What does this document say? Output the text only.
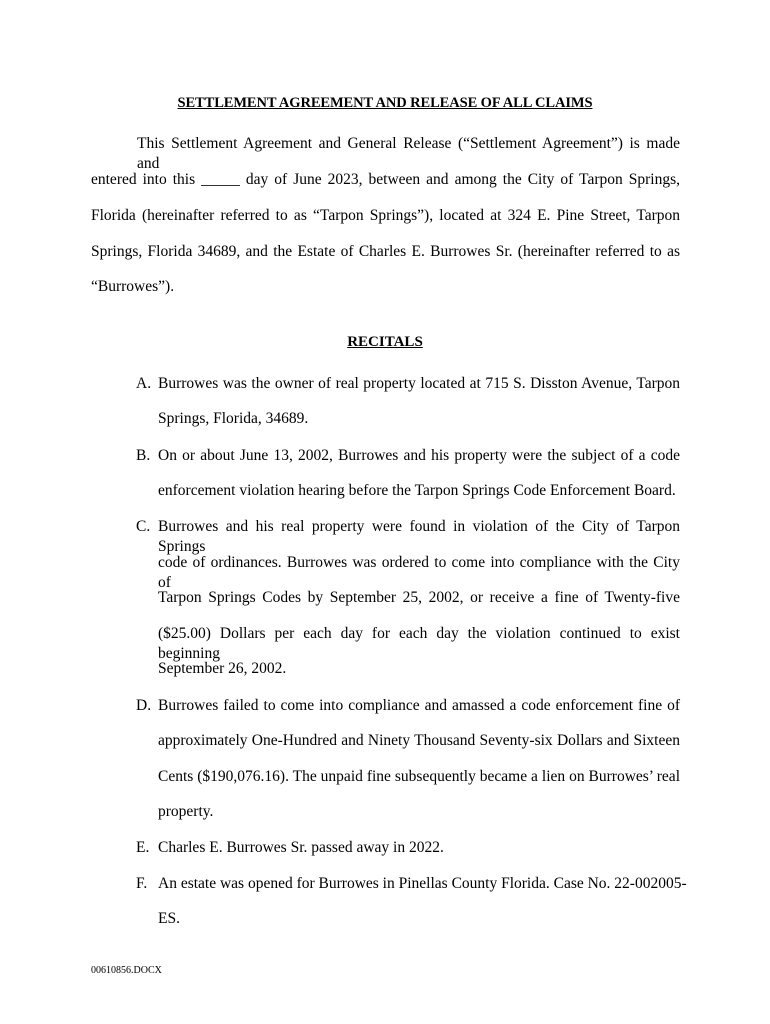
SETTLEMENT AGREEMENT AND RELEASE OF ALL CLAIMS
This Settlement Agreement and General Release (“Settlement Agreement”) is made and
entered into this _____ day of June 2023, between and among the City of Tarpon Springs,
Florida (hereinafter referred to as “Tarpon Springs”), located at 324 E. Pine Street, Tarpon
Springs, Florida 34689, and the Estate of Charles E. Burrowes Sr. (hereinafter referred to as
“Burrowes”).
RECITALS
A. Burrowes was the owner of real property located at 715 S. Disston Avenue, Tarpon
Springs, Florida, 34689.
B. On or about June 13, 2002, Burrowes and his property were the subject of a code
enforcement violation hearing before the Tarpon Springs Code Enforcement Board.
C. Burrowes and his real property were found in violation of the City of Tarpon Springs
code of ordinances. Burrowes was ordered to come into compliance with the City of
Tarpon Springs Codes by September 25, 2002, or receive a fine of Twenty-five
($25.00) Dollars per each day for each day the violation continued to exist beginning
September 26, 2002.
D. Burrowes failed to come into compliance and amassed a code enforcement fine of
approximately One-Hundred and Ninety Thousand Seventy-six Dollars and Sixteen
Cents ($190,076.16). The unpaid fine subsequently became a lien on Burrowes’ real
property.
E. Charles E. Burrowes Sr. passed away in 2022.
F. An estate was opened for Burrowes in Pinellas County Florida. Case No. 22-002005-
ES.
00610856.DOCX
